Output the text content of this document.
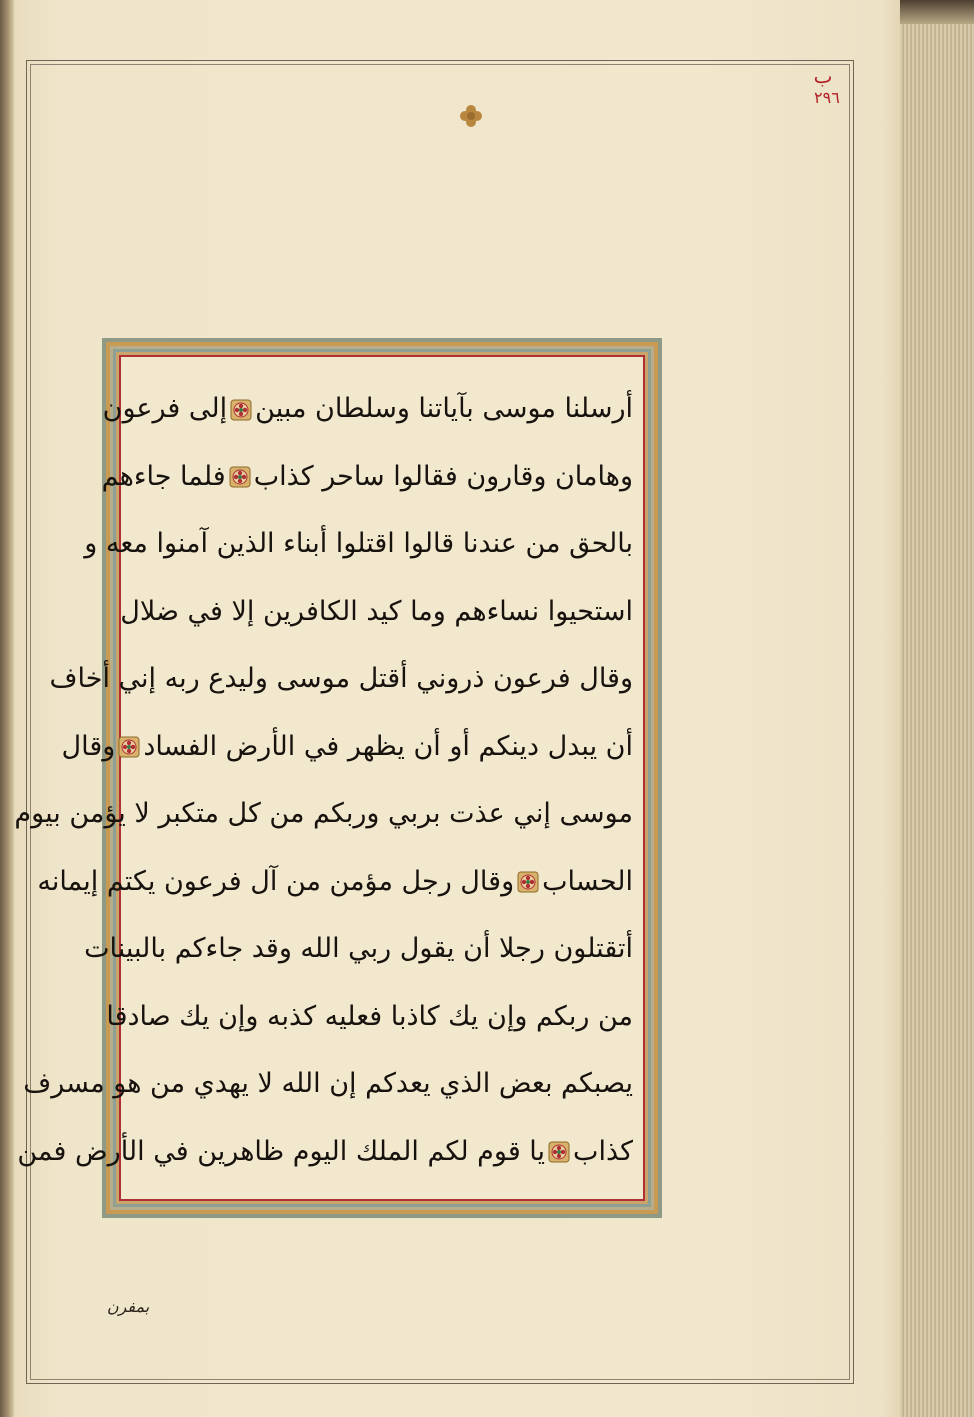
ب
٢٩٦
أرسلنا موسى بآياتنا وسلطان مبينإلى فرعون
وهامان وقارون فقالوا ساحر كذابفلما جاءهم
بالحق من عندنا قالوا اقتلوا أبناء الذين آمنوا معه و
استحيوا نساءهم وما كيد الكافرين إلا في ضلال
وقال فرعون ذروني أقتل موسى وليدع ربه إني أخاف
أن يبدل دينكم أو أن يظهر في الأرض الفسادوقال
موسى إني عذت بربي وربكم من كل متكبر لا يؤمن بيوم
الحسابوقال رجل مؤمن من آل فرعون يكتم إيمانه
أتقتلون رجلا أن يقول ربي الله وقد جاءكم بالبينات
من ربكم وإن يك كاذبا فعليه كذبه وإن يك صادقا
يصبكم بعض الذي يعدكم إن الله لا يهدي من هو مسرف
كذابيا قوم لكم الملك اليوم ظاهرين في الأرض فمن
بمفرن
